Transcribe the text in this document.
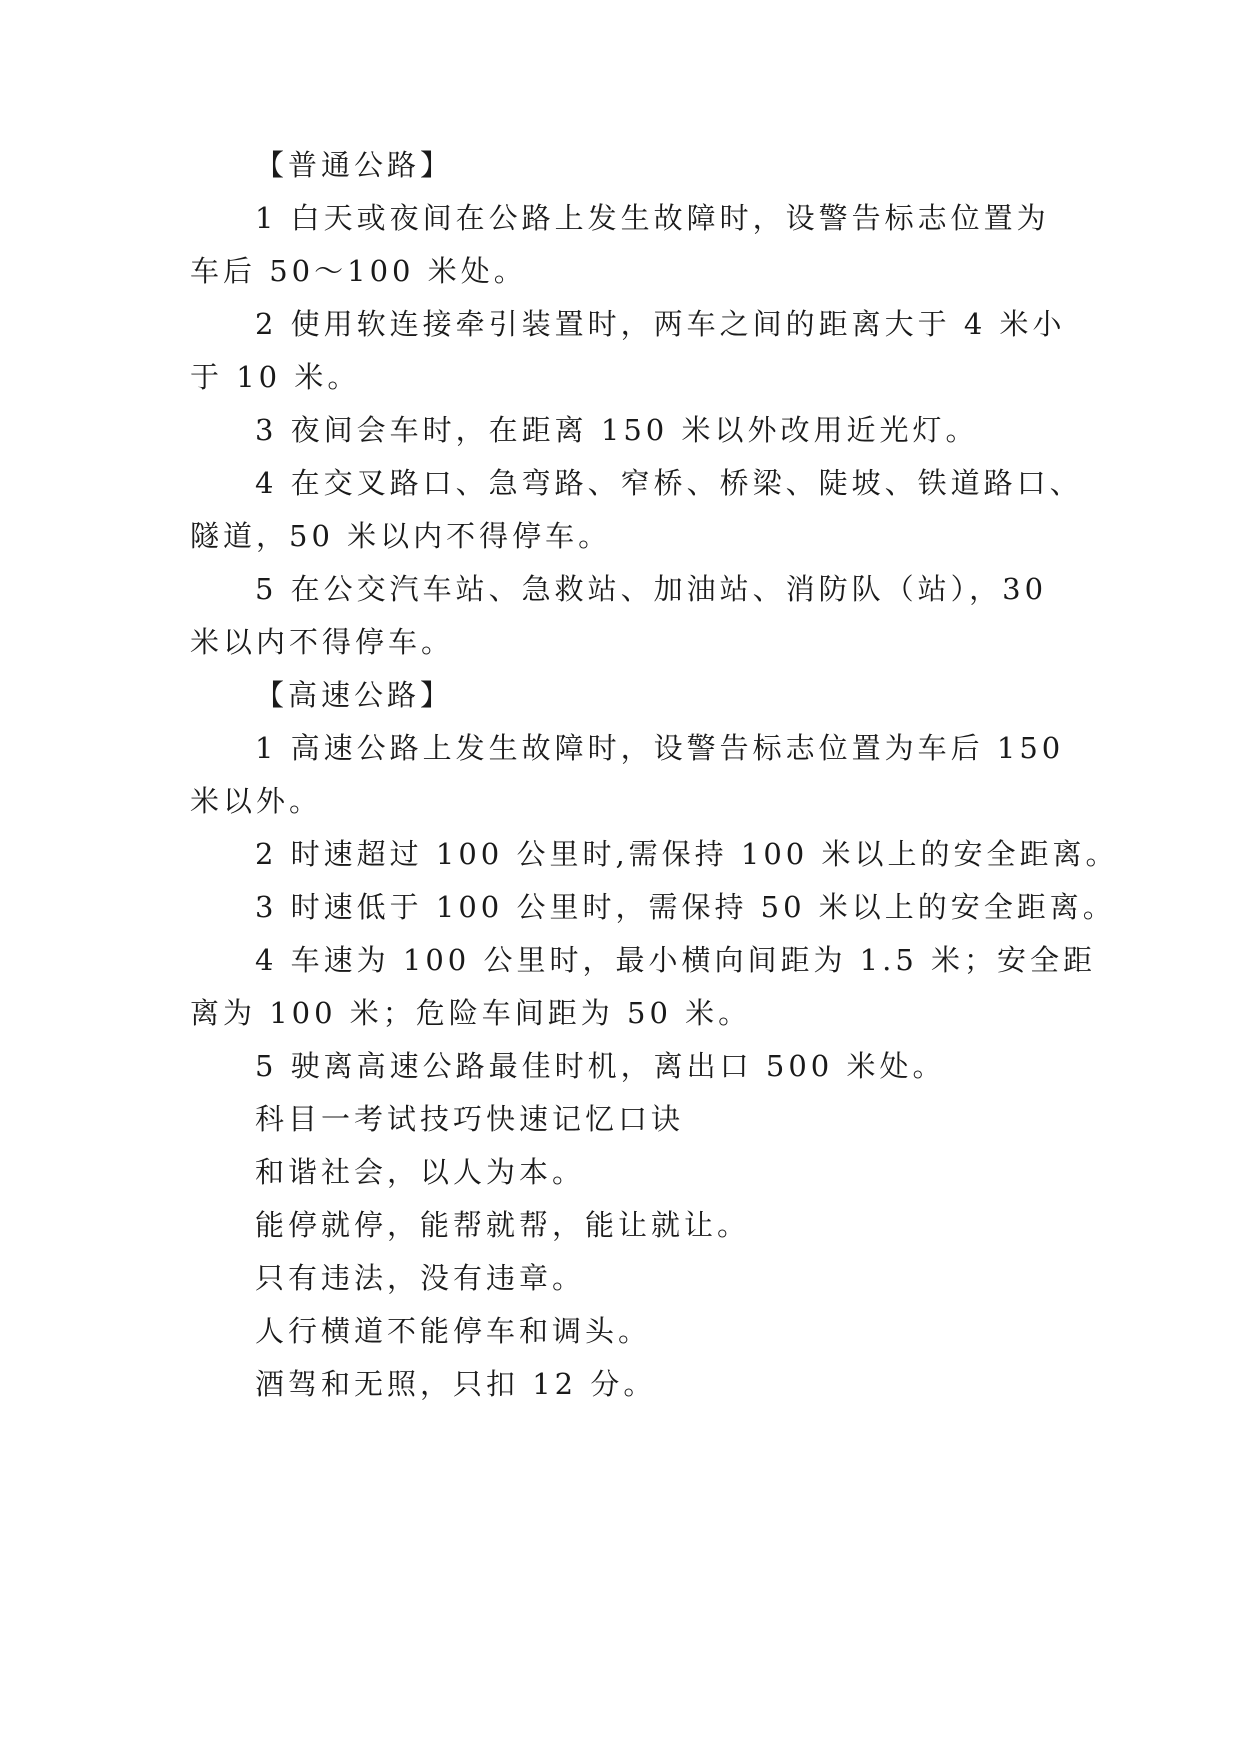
【普通公路】
1 白天或夜间在公路上发生故障时，设警告标志位置为
车后 50～100 米处。
2 使用软连接牵引装置时，两车之间的距离大于 4 米小
于 10 米。
3 夜间会车时，在距离 150 米以外改用近光灯。
4 在交叉路口、急弯路、窄桥、桥梁、陡坡、铁道路口、
隧道，50 米以内不得停车。
5 在公交汽车站、急救站、加油站、消防队（站），30
米以内不得停车。
【高速公路】
1 高速公路上发生故障时，设警告标志位置为车后 150
米以外。
2 时速超过 100 公里时,需保持 100 米以上的安全距离。
3 时速低于 100 公里时，需保持 50 米以上的安全距离。
4 车速为 100 公里时，最小横向间距为 1.5 米；安全距
离为 100 米；危险车间距为 50 米。
5 驶离高速公路最佳时机，离出口 500 米处。
科目一考试技巧快速记忆口诀
和谐社会，以人为本。
能停就停，能帮就帮，能让就让。
只有违法，没有违章。
人行横道不能停车和调头。
酒驾和无照，只扣 12 分。
